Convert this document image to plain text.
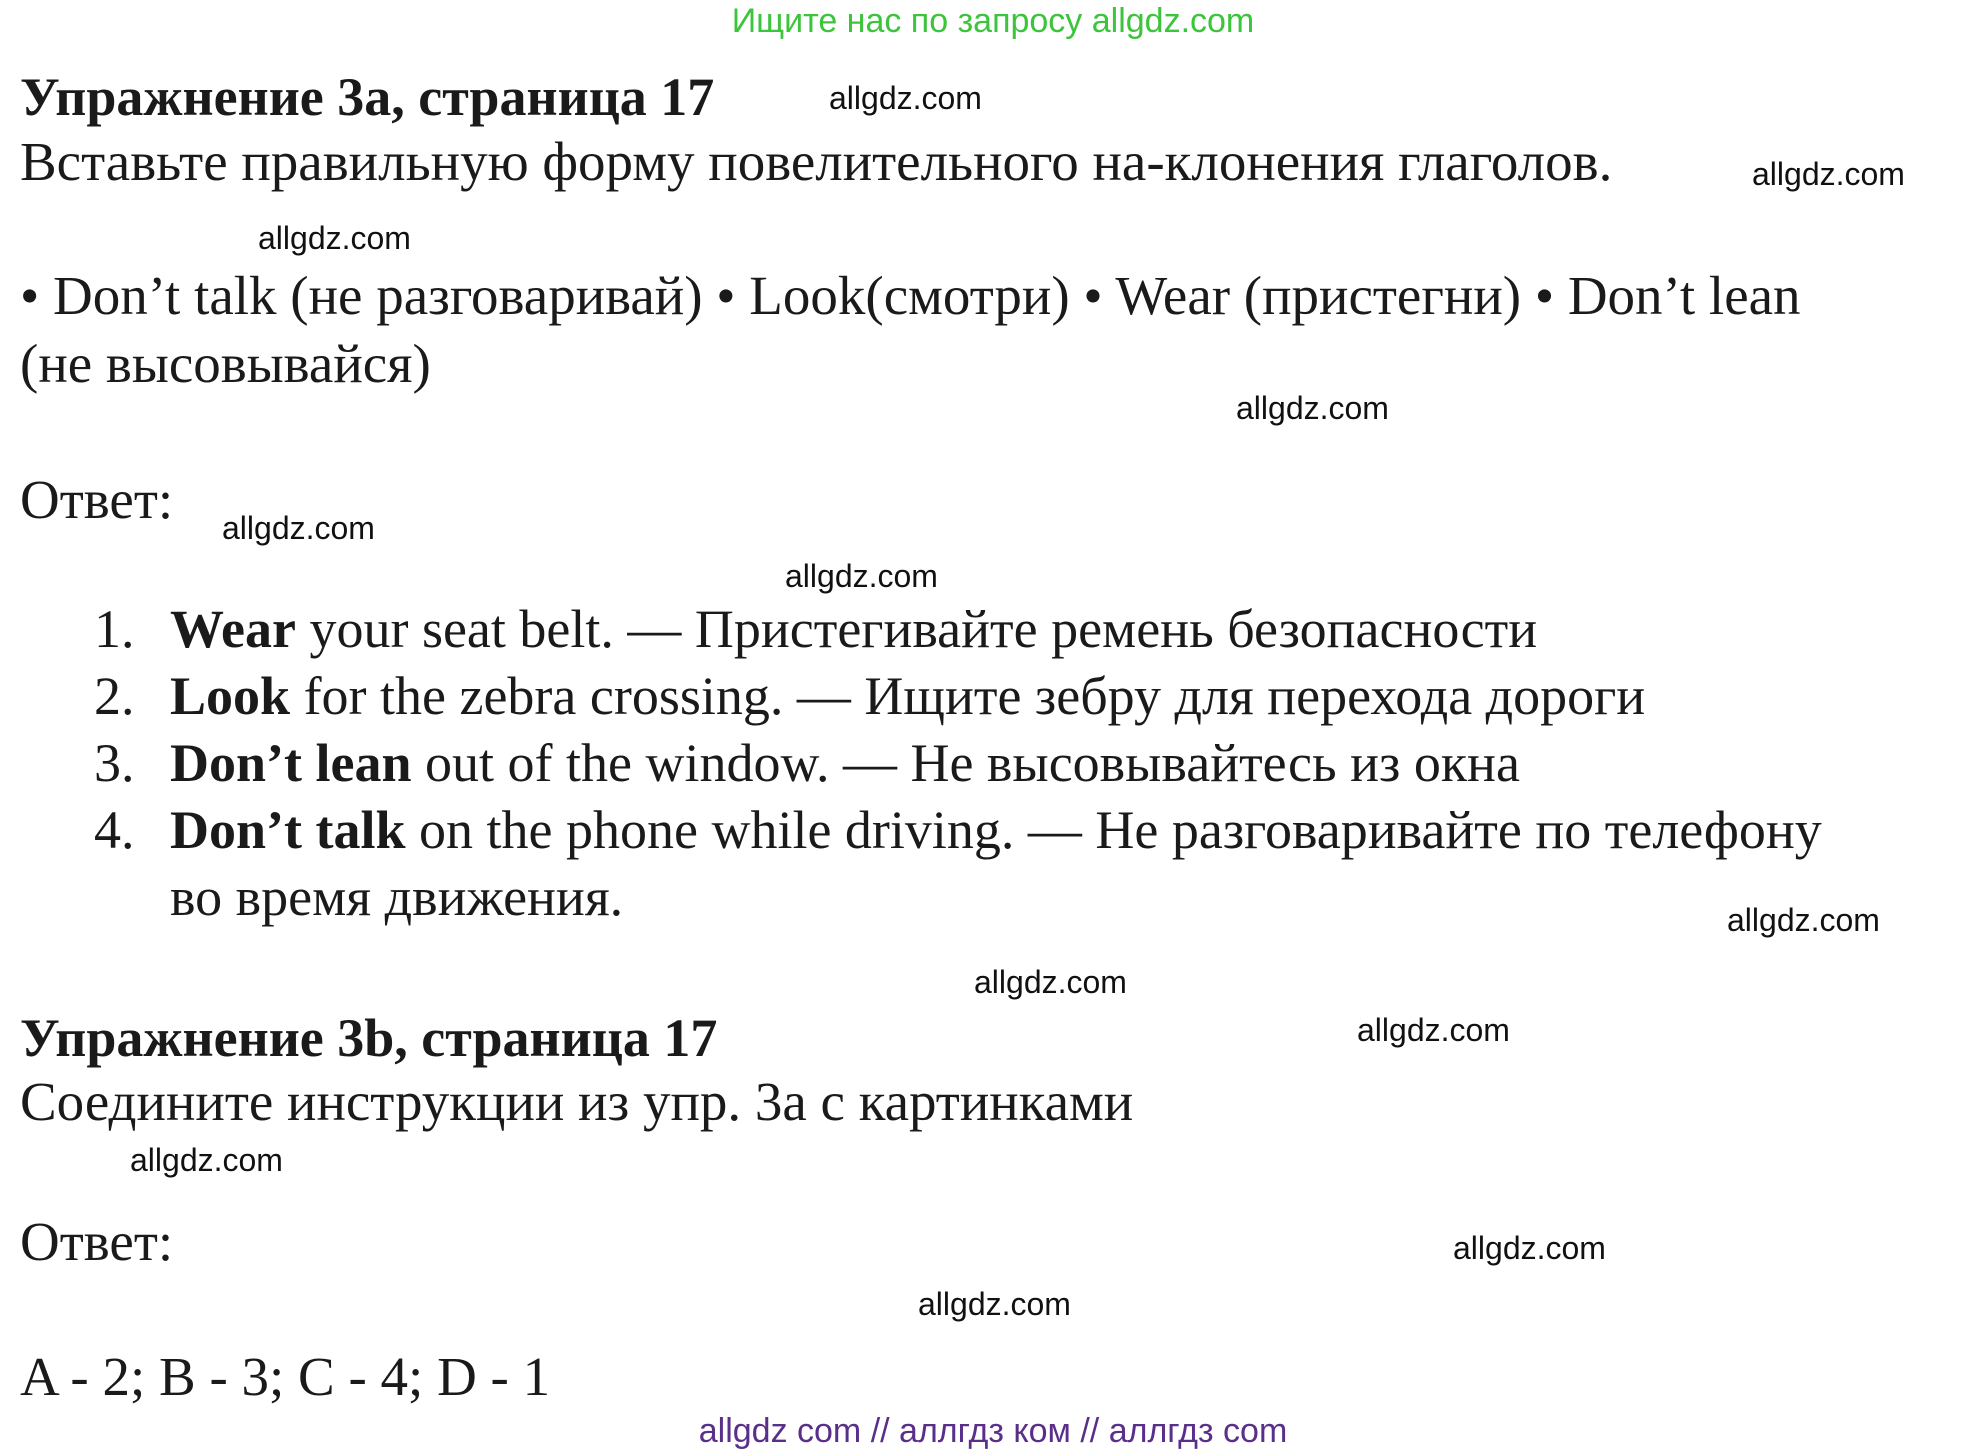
Ищите нас по запросу allgdz.com
Упражнение 3a, страница 17
Вставьте правильную форму повелительного на-клонения глаголов.
• Don’t talk (не разговаривай) • Look(смотри) • Wear (пристегни) • Don’t lean
(не высовывайся)
Ответ:
1. Wear your seat belt. — Пристегивайте ремень безопасности
2. Look for the zebra crossing. — Ищите зебру для перехода дороги
3. Don’t lean out of the window. — Не высовывайтесь из окна
4. Don’t talk on the phone while driving. — Не разговаривайте по телефону
во время движения.
Упражнение 3b, страница 17
Соедините инструкции из упр. 3a с картинками
Ответ:
A - 2; B - 3; C - 4; D - 1
allgdz.com
allgdz.com
allgdz.com
allgdz.com
allgdz.com
allgdz.com
allgdz.com
allgdz.com
allgdz.com
allgdz.com
allgdz.com
allgdz.com
allgdz com // аллгдз ком // аллгдз com
